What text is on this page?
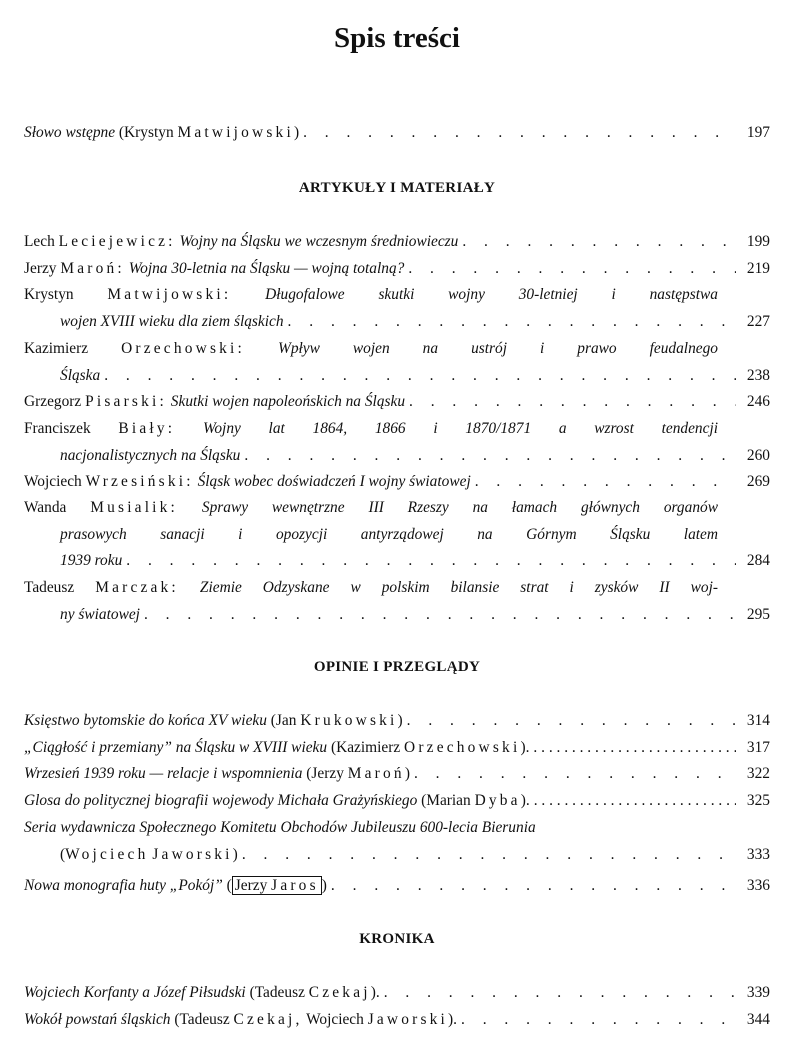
Spis treści
Słowo wstępne (Krystyn Matwijowski) . . .	197
ARTYKUŁY I MATERIAŁY
Lech Leciejewicz: Wojny na Śląsku we wczesnym średniowieczu . . .	199
Jerzy Maroń: Wojna 30-letnia na Śląsku — wojną totalną? . . .	219
Krystyn Matwijowski: Długofalowe skutki wojny 30-letniej i następstwa
wojen XVIII wieku dla ziem śląskich . . .	227
Kazimierz Orzechowski: Wpływ wojen na ustrój i prawo feudalnego
Śląska . . .	238
Grzegorz Pisarski: Skutki wojen napoleońskich na Śląsku . . .	246
Franciszek Biały: Wojny lat 1864, 1866 i 1870/1871 a wzrost tendencji
nacjonalistycznych na Śląsku . . .	260
Wojciech Wrzesiński: Śląsk wobec doświadczeń I wojny światowej . . .	269
Wanda Musialik: Sprawy wewnętrzne III Rzeszy na łamach głównych organów
prasowych sanacji i opozycji antyrządowej na Górnym Śląsku latem
1939 roku . . .	284
Tadeusz Marczak: Ziemie Odzyskane w polskim bilansie strat i zysków II woj-
ny światowej . . .	295
OPINIE I PRZEGLĄDY
Księstwo bytomskie do końca XV wieku (Jan Krukowski) . . .	314
„Ciągłość i przemiany” na Śląsku w XVIII wieku (Kazimierz Orzechowski). . . .	317
Wrzesień 1939 roku — relacje i wspomnienia (Jerzy Maroń) . . .	322
Glosa do politycznej biografii wojewody Michała Grażyńskiego (Marian Dyba). . . .	325
Seria wydawnicza Społecznego Komitetu Obchodów Jubileuszu 600-lecia Bierunia
(Wojciech Jaworski) . . .	333
Nowa monografia huty „Pokój” ( Jerzy Jaros ) . . .	336
KRONIKA
Wojciech Korfanty a Józef Piłsudski (Tadeusz Czekaj). . . .	339
Wokół powstań śląskich (Tadeusz Czekaj, Wojciech Jaworski). . . .	344
